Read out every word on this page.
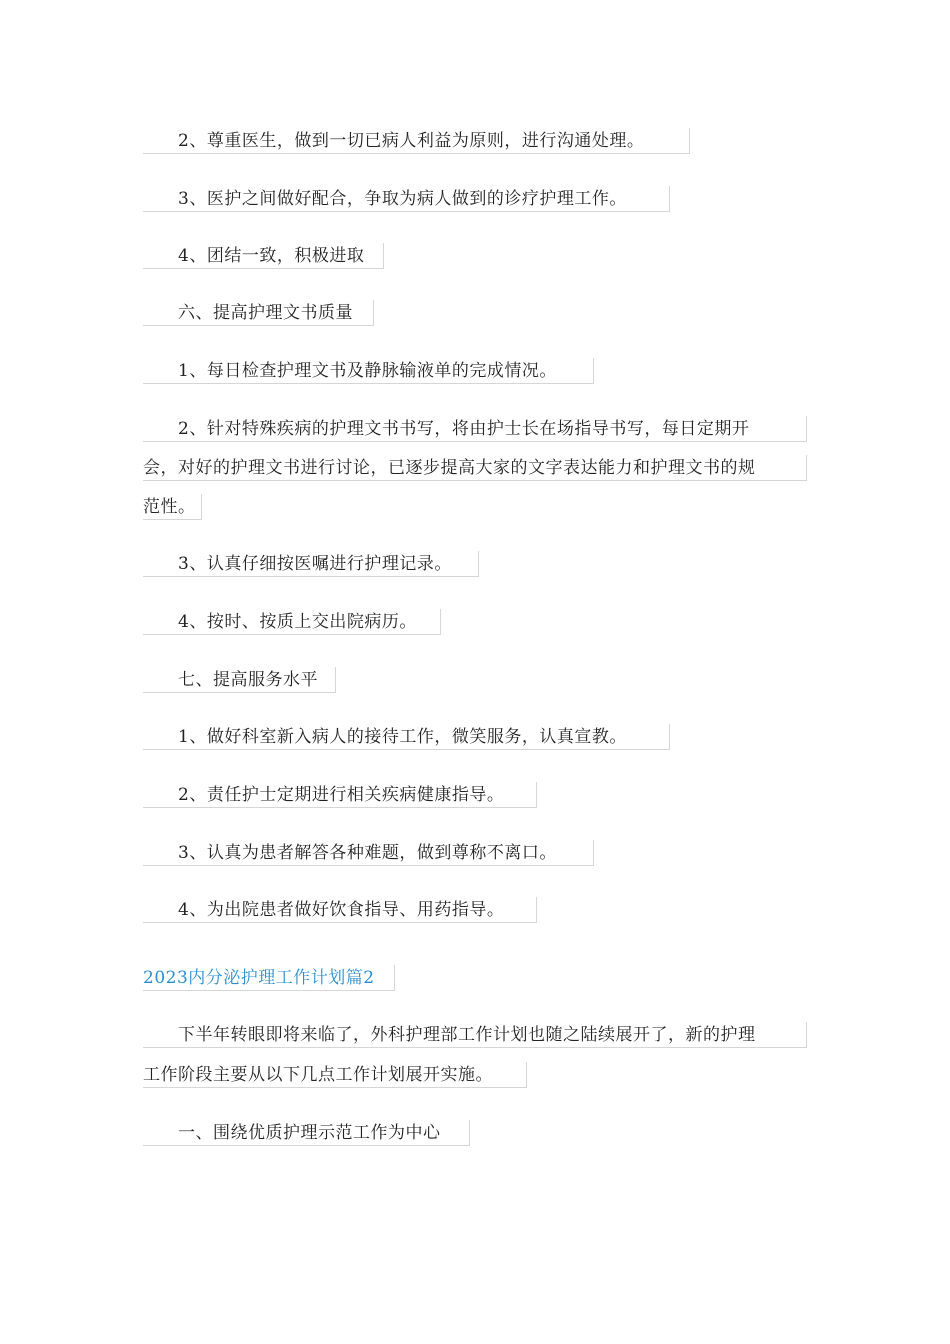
　　2、尊重医生，做到一切已病人利益为原则，进行沟通处理。
　　3、医护之间做好配合，争取为病人做到的诊疗护理工作。
　　4、团结一致，积极进取
　　六、提高护理文书质量
　　1、每日检查护理文书及静脉输液单的完成情况。
　　2、针对特殊疾病的护理文书书写，将由护士长在场指导书写，每日定期开
会，对好的护理文书进行讨论，已逐步提高大家的文字表达能力和护理文书的规
范性。
　　3、认真仔细按医嘱进行护理记录。
　　4、按时、按质上交出院病历。
　　七、提高服务水平
　　1、做好科室新入病人的接待工作，微笑服务，认真宣教。
　　2、责任护士定期进行相关疾病健康指导。
　　3、认真为患者解答各种难题，做到尊称不离口。
　　4、为出院患者做好饮食指导、用药指导。
2023内分泌护理工作计划篇2
　　下半年转眼即将来临了，外科护理部工作计划也随之陆续展开了，新的护理
工作阶段主要从以下几点工作计划展开实施。
　　一、围绕优质护理示范工作为中心
